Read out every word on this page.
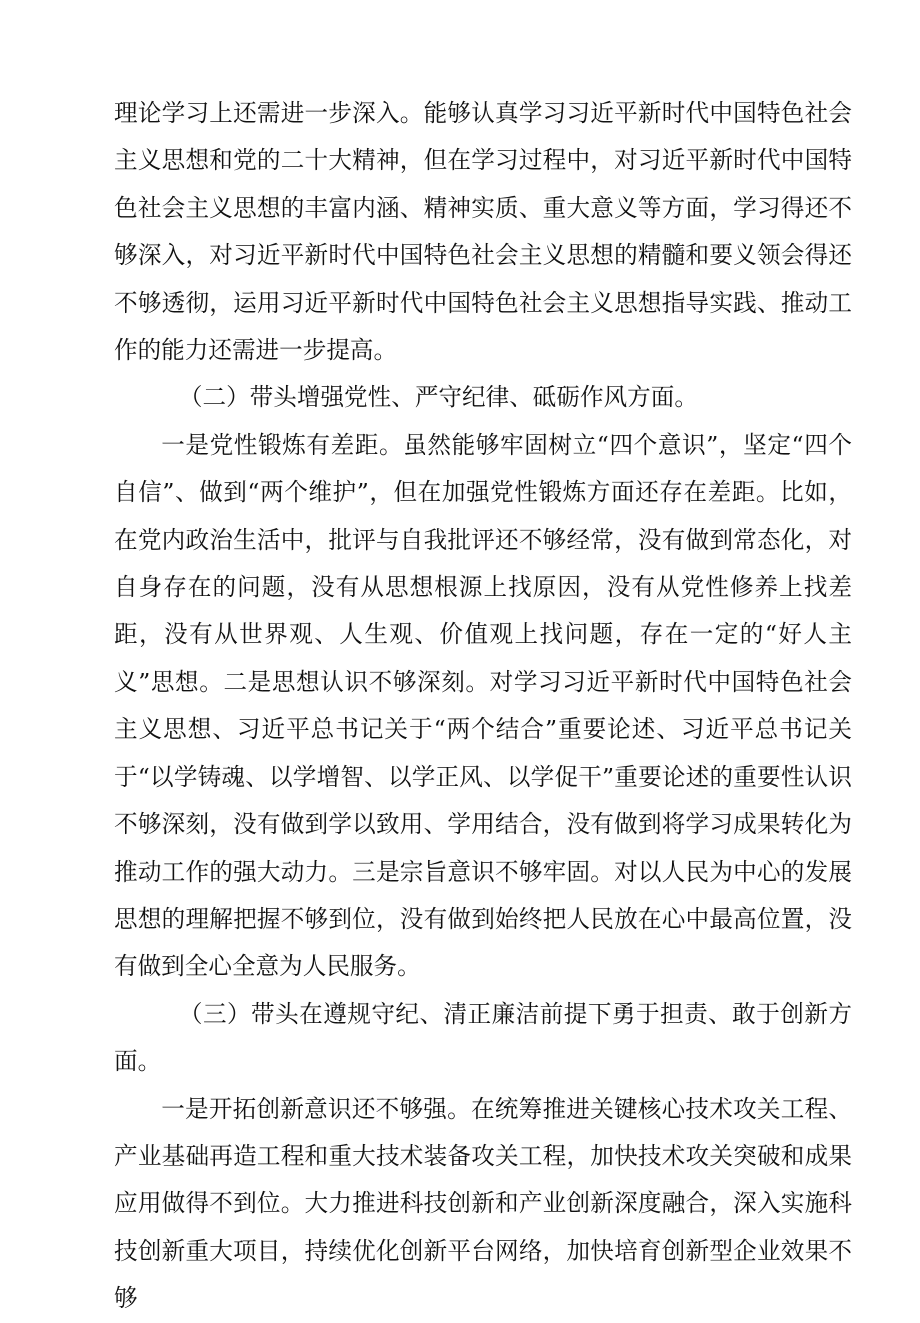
理论学习上还需进一步深入。能够认真学习习近平新时代中国特色社会主义思想和党的二十大精神，但在学习过程中，对习近平新时代中国特色社会主义思想的丰富内涵、精神实质、重大意义等方面，学习得还不够深入，对习近平新时代中国特色社会主义思想的精髓和要义领会得还不够透彻，运用习近平新时代中国特色社会主义思想指导实践、推动工作的能力还需进一步提高。

（二）带头增强党性、严守纪律、砥砺作风方面。

一是党性锻炼有差距。虽然能够牢固树立“四个意识”，坚定“四个自信”、做到“两个维护”，但在加强党性锻炼方面还存在差距。比如，在党内政治生活中，批评与自我批评还不够经常，没有做到常态化，对自身存在的问题，没有从思想根源上找原因，没有从党性修养上找差距，没有从世界观、人生观、价值观上找问题，存在一定的“好人主义”思想。二是思想认识不够深刻。对学习习近平新时代中国特色社会主义思想、习近平总书记关于“两个结合”重要论述、习近平总书记关于“以学铸魂、以学增智、以学正风、以学促干”重要论述的重要性认识不够深刻，没有做到学以致用、学用结合，没有做到将学习成果转化为推动工作的强大动力。三是宗旨意识不够牢固。对以人民为中心的发展思想的理解把握不够到位，没有做到始终把人民放在心中最高位置，没有做到全心全意为人民服务。

（三）带头在遵规守纪、清正廉洁前提下勇于担责、敢于创新方面。

一是开拓创新意识还不够强。在统筹推进关键核心技术攻关工程、产业基础再造工程和重大技术装备攻关工程，加快技术攻关突破和成果应用做得不到位。大力推进科技创新和产业创新深度融合，深入实施科技创新重大项目，持续优化创新平台网络，加快培育创新型企业效果不够
